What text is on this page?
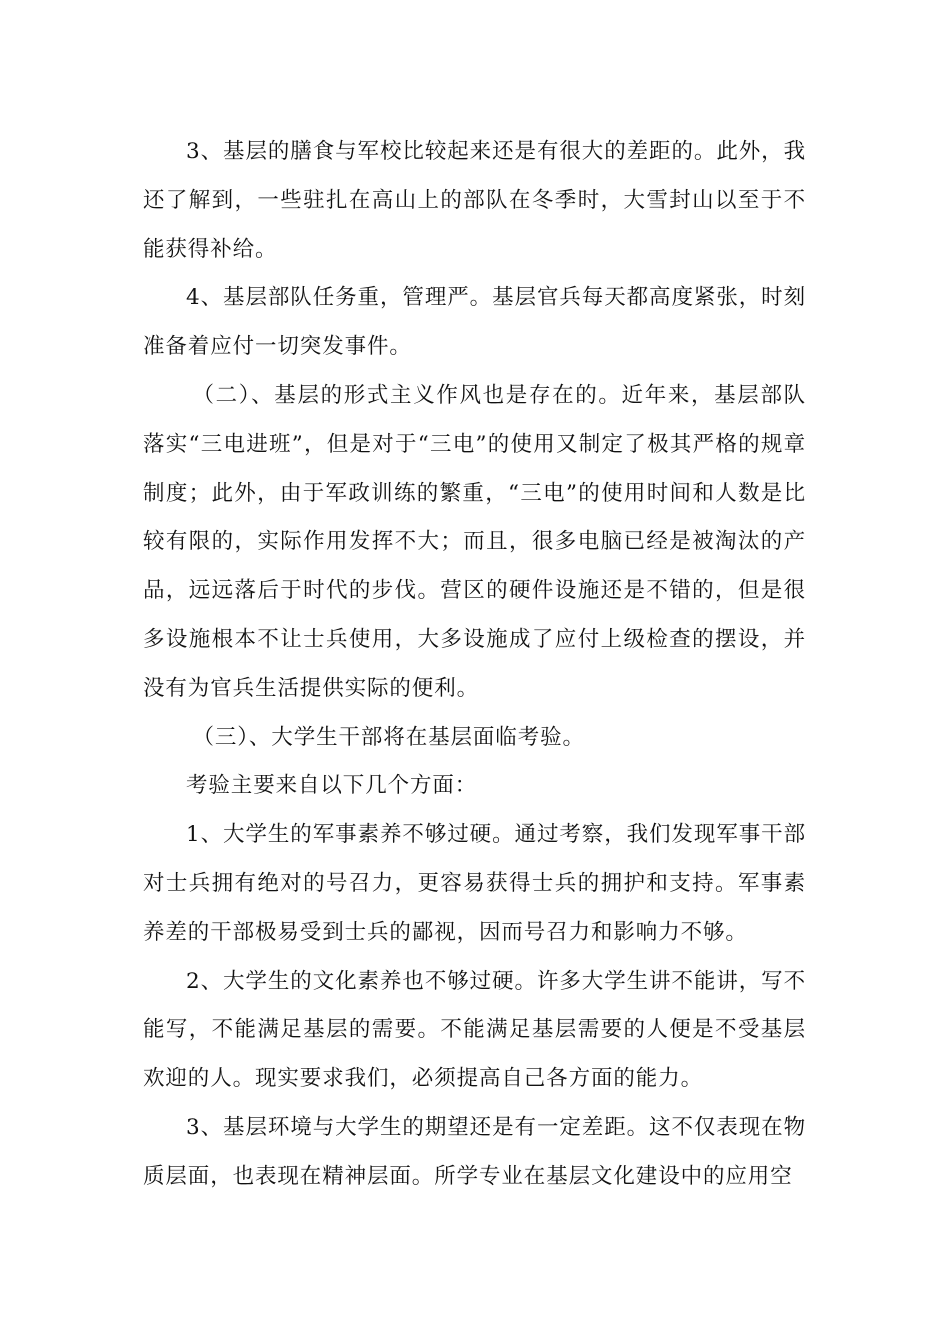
3、基层的膳食与军校比较起来还是有很大的差距的。此外，我还了解到，一些驻扎在高山上的部队在冬季时，大雪封山以至于不能获得补给。

4、基层部队任务重，管理严。基层官兵每天都高度紧张，时刻准备着应付一切突发事件。

（二）、基层的形式主义作风也是存在的。近年来，基层部队落实“三电进班”，但是对于“三电”的使用又制定了极其严格的规章制度；此外，由于军政训练的繁重，“三电”的使用时间和人数是比较有限的，实际作用发挥不大；而且，很多电脑已经是被淘汰的产品，远远落后于时代的步伐。营区的硬件设施还是不错的，但是很多设施根本不让士兵使用，大多设施成了应付上级检查的摆设，并没有为官兵生活提供实际的便利。

（三）、大学生干部将在基层面临考验。

考验主要来自以下几个方面：

1、大学生的军事素养不够过硬。通过考察，我们发现军事干部对士兵拥有绝对的号召力，更容易获得士兵的拥护和支持。军事素养差的干部极易受到士兵的鄙视，因而号召力和影响力不够。

2、大学生的文化素养也不够过硬。许多大学生讲不能讲，写不能写，不能满足基层的需要。不能满足基层需要的人便是不受基层欢迎的人。现实要求我们，必须提高自己各方面的能力。

3、基层环境与大学生的期望还是有一定差距。这不仅表现在物质层面，也表现在精神层面。所学专业在基层文化建设中的应用空
